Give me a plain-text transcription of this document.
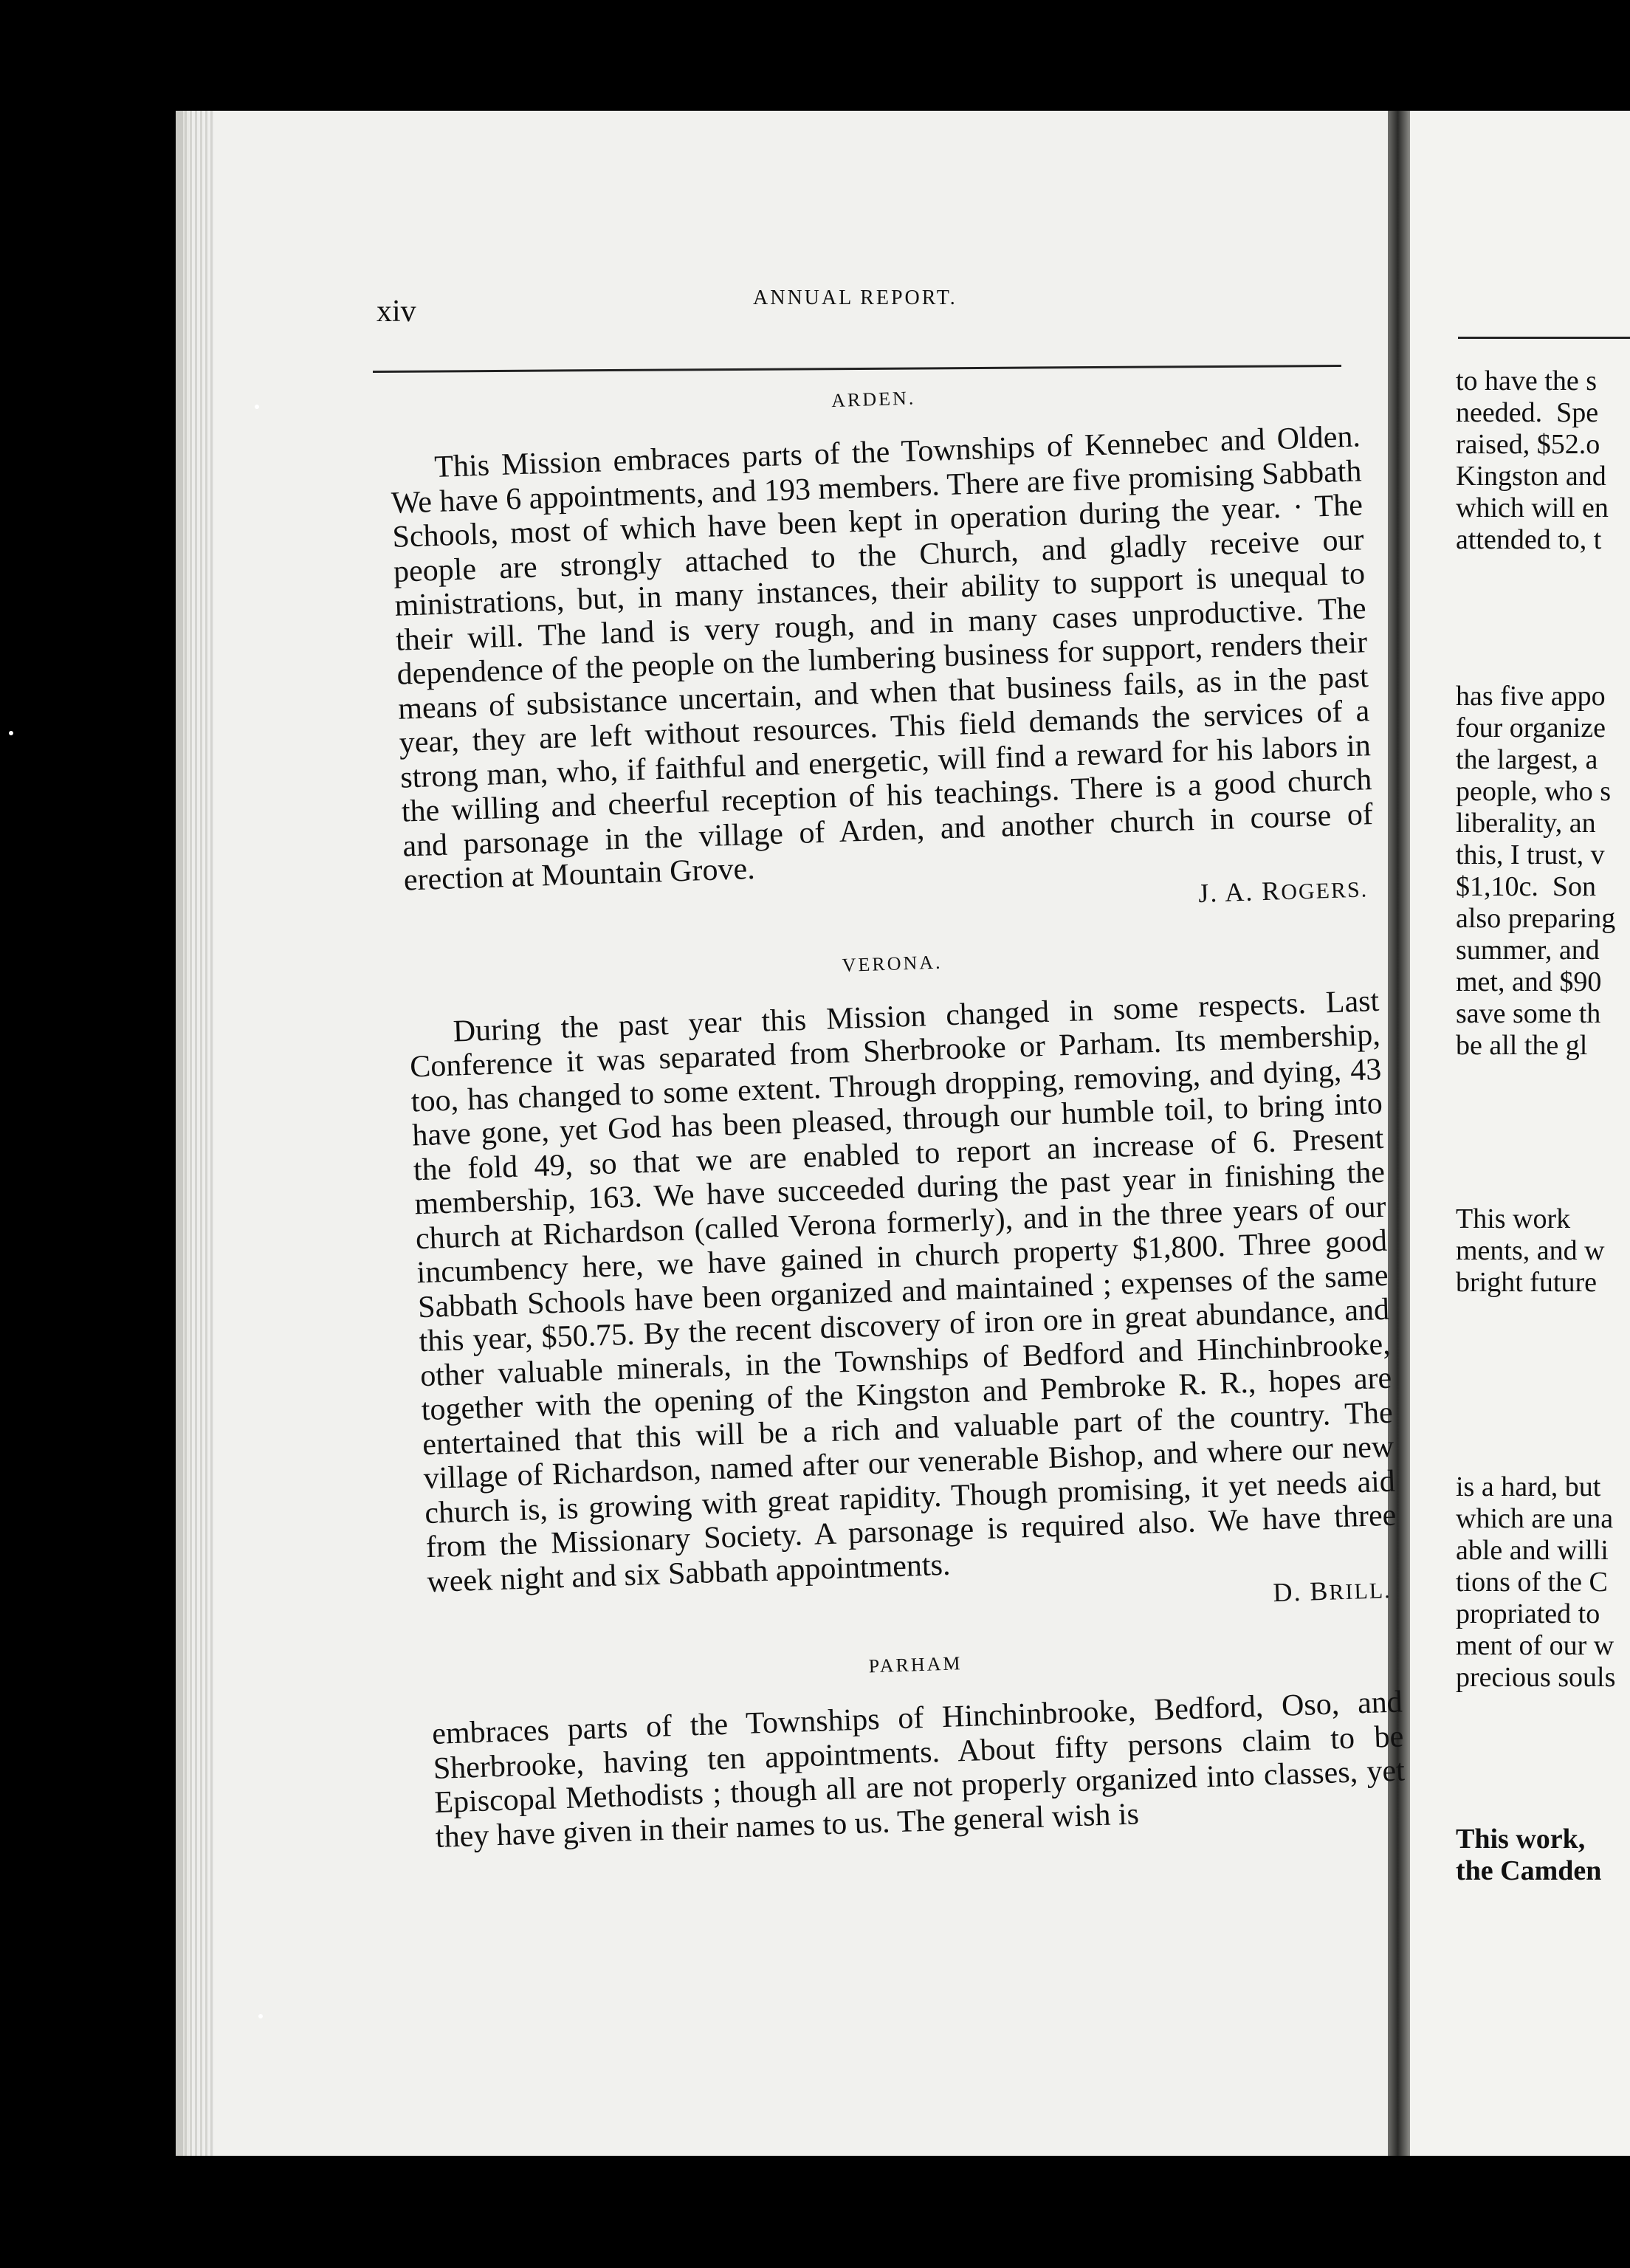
xiv	ANNUAL REPORT.
ARDEN.

This Mission embraces parts of the Townships of Kennebec and Olden. We have 6 appointments, and 193 members. There are five promising Sabbath Schools, most of which have been kept in operation during the year. · The people are strongly attached to the Church, and gladly receive our ministrations, but, in many instances, their ability to support is unequal to their will. The land is very rough, and in many cases unproductive. The dependence of the people on the lumbering business for support, renders their means of subsistance uncertain, and when that business fails, as in the past year, they are left without resources. This field demands the services of a strong man, who, if faithful and energetic, will find a reward for his labors in the willing and cheerful reception of his teachings. There is a good church and parsonage in the village of Arden, and another church in course of erection at Mountain Grove.	J. A. ROGERS.
VERONA.

During the past year this Mission changed in some respects. Last Conference it was separated from Sherbrooke or Parham. Its membership, too, has changed to some extent. Through dropping, removing, and dying, 43 have gone, yet God has been pleased, through our humble toil, to bring into the fold 49, so that we are enabled to report an increase of 6. Present membership, 163. We have succeeded during the past year in finishing the church at Richardson (called Verona formerly), and in the three years of our incumbency here, we have gained in church property $1,800. Three good Sabbath Schools have been organized and maintained ; expenses of the same this year, $50.75. By the recent discovery of iron ore in great abundance, and other valuable minerals, in the Townships of Bedford and Hinchinbrooke, together with the opening of the Kingston and Pembroke R. R., hopes are entertained that this will be a rich and valuable part of the country. The village of Richardson, named after our venerable Bishop, and where our new church is, is growing with great rapidity. Though promising, it yet needs aid from the Missionary Society. A parsonage is required also. We have three week night and six Sabbath appointments.	D. BRILL.
PARHAM

embraces parts of the Townships of Hinchinbrooke, Bedford, Oso, and Sherbrooke, having ten appointments. About fifty persons claim to be Episcopal Methodists ; though all are not properly organized into classes, yet they have given in their names to us. The general wish is

to have the s
needed.  Spe
raised, $52.o
Kingston and
which will en
attended to, t
has five appo
four organize
the largest, a
people, who s
liberality, an
this, I trust, v
$1,10c.  Son
also preparing
summer, and
met, and $90
save some th
be all the gl
This work
ments, and w
bright future
is a hard, but
which are una
able and willi
tions of the C
propriated to
ment of our w
precious souls
This work,
the Camden
